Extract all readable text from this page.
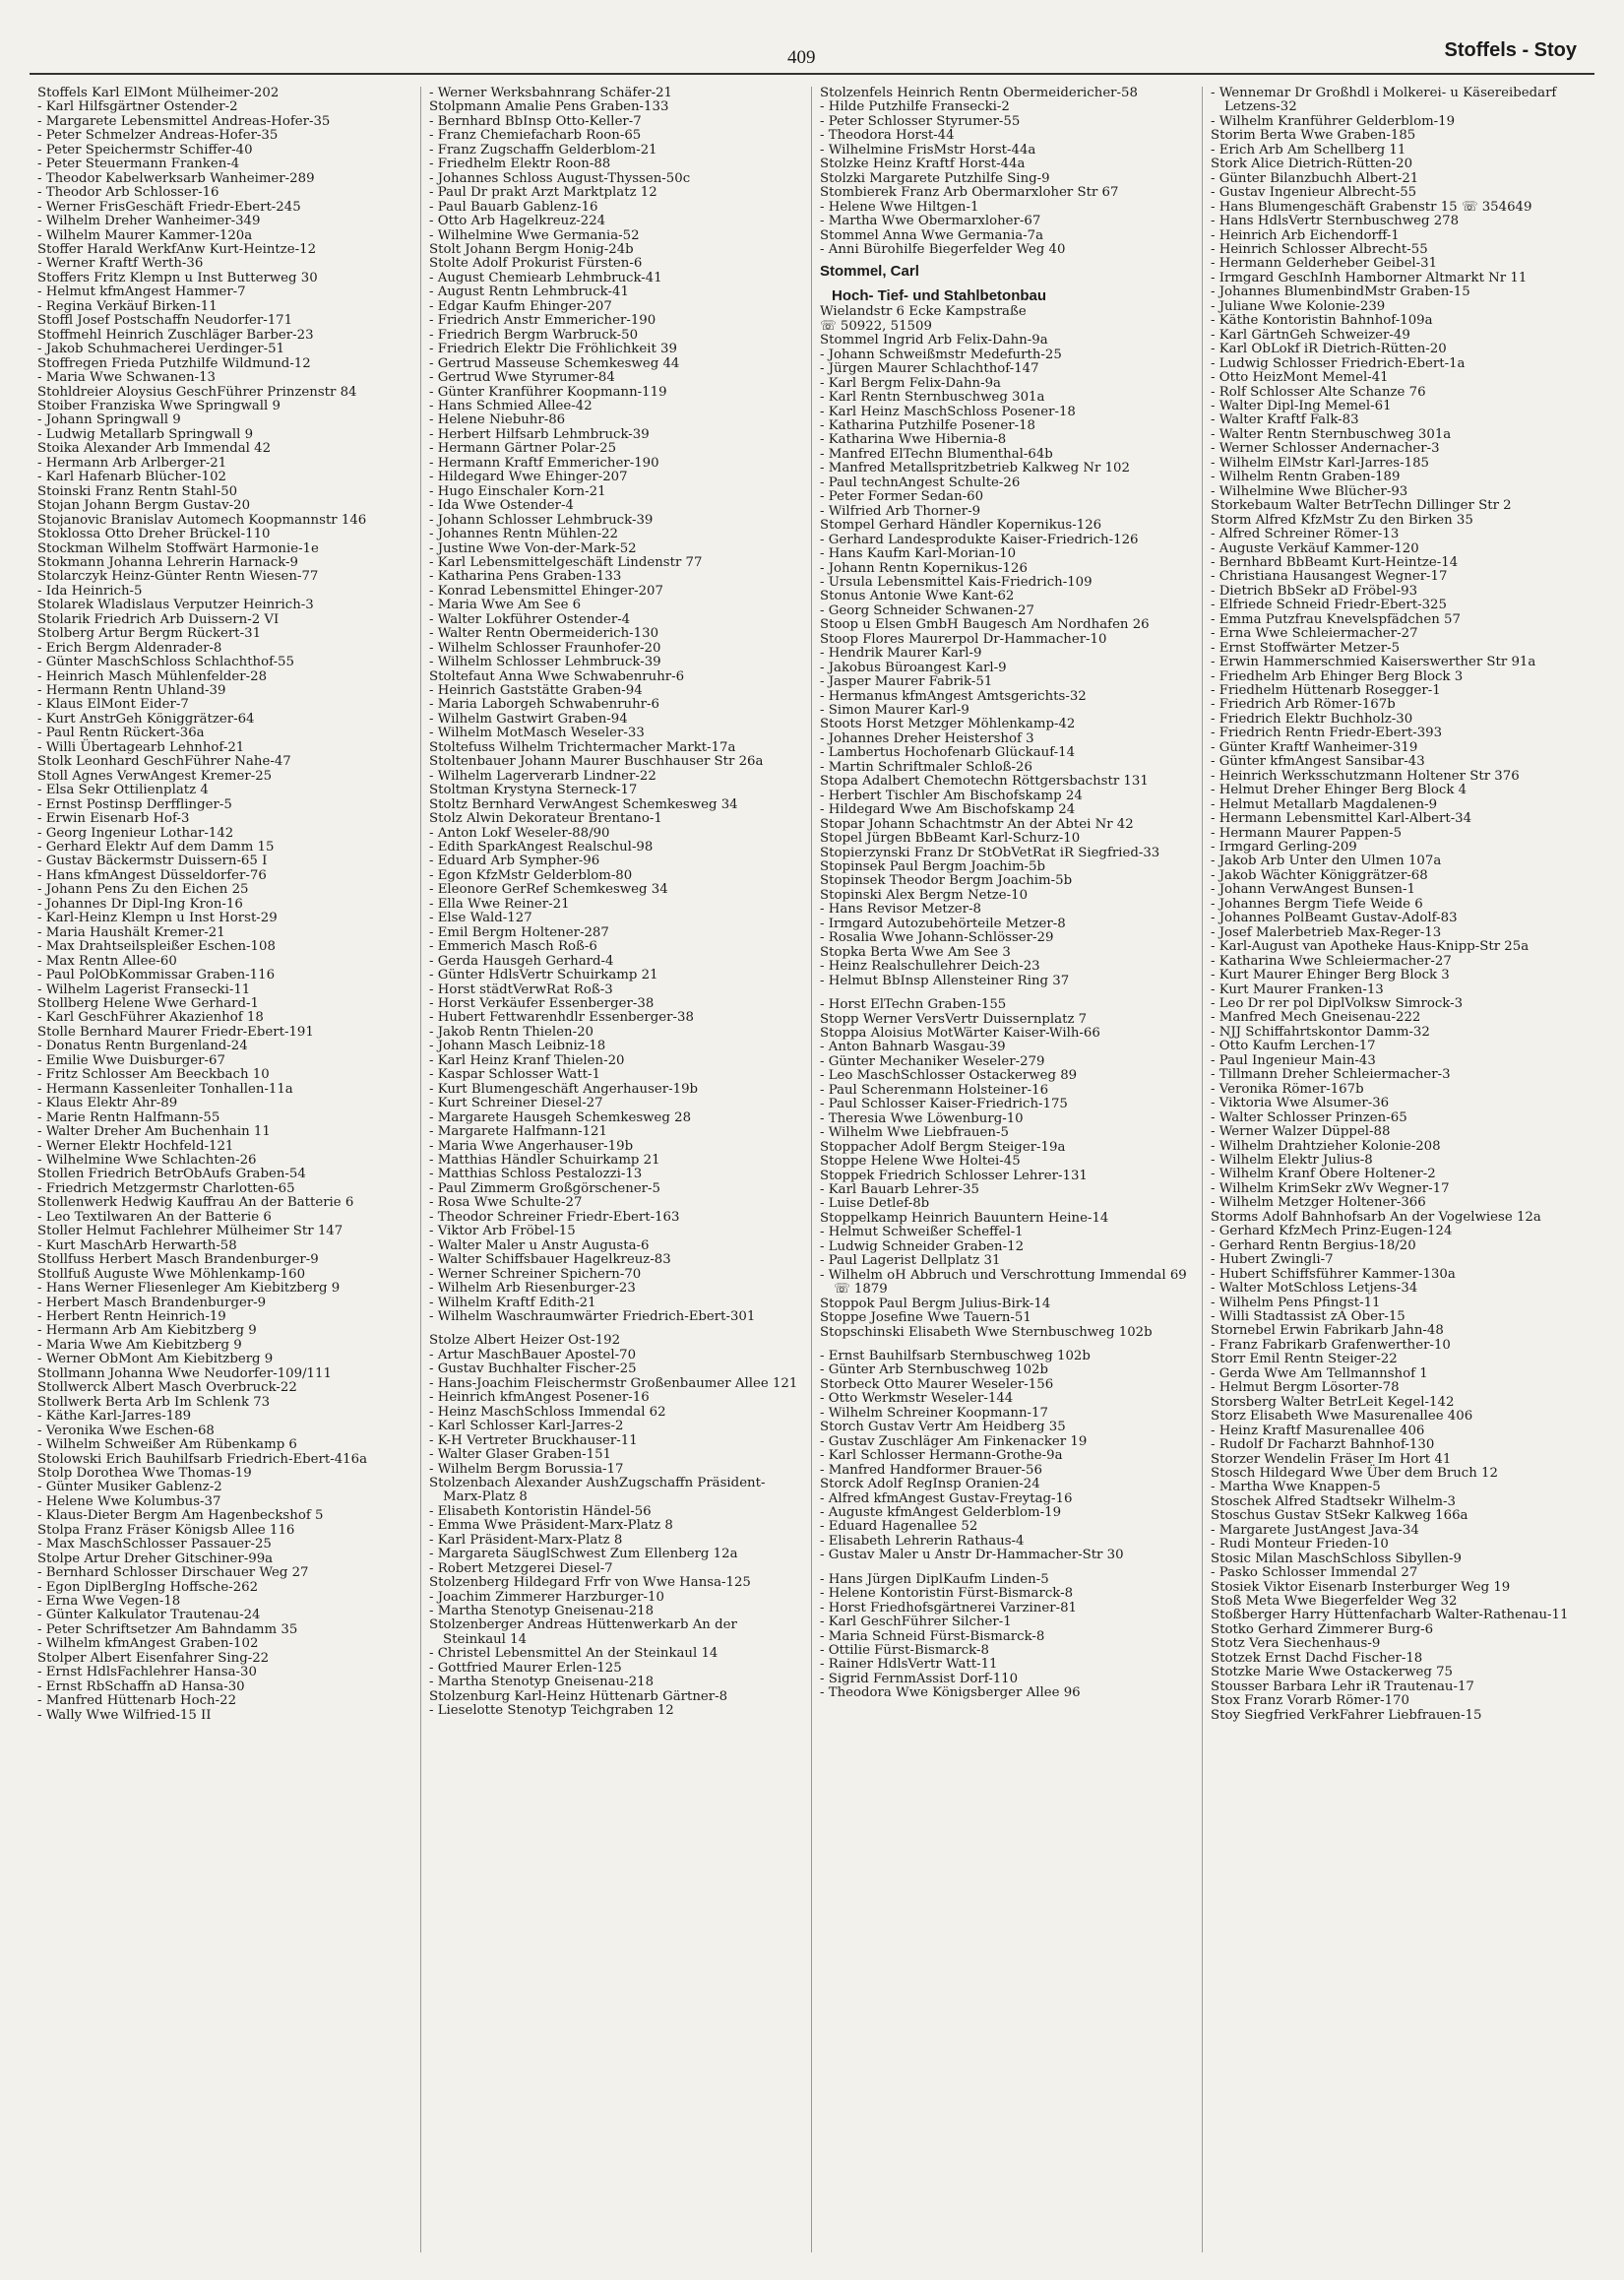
409	Stoffels - Stoy
Stoffels Karl ElMont Mülheimer-202
- Karl Hilfsgärtner Ostender-2
- Margarete Lebensmittel Andreas-Hofer-35
- Peter Schmelzer Andreas-Hofer-35
- Peter Speichermstr Schiffer-40
- Peter Steuermann Franken-4
- Theodor Kabelwerksarb Wanheimer-289
- Theodor Arb Schlosser-16
- Werner FrisGeschäft Friedr-Ebert-245
- Wilhelm Dreher Wanheimer-349
- Wilhelm Maurer Kammer-120a
Stoffer Harald WerkfAnw Kurt-Heintze-12
- Werner Kraftf Werth-36
Stoffers Fritz Klempn u Inst Butterweg 30
- Helmut kfmAngest Hammer-7
- Regina Verkäuf Birken-11
Stoffl Josef Postschaffn Neudorfer-171
Stoffmehl Heinrich Zuschläger Barber-23
- Jakob Schuhmacherei Uerdinger-51
Stoffregen Frieda Putzhilfe Wildmund-12
- Maria Wwe Schwanen-13
Stohldreier Aloysius GeschFührer Prinzenstr 84
Stoiber Franziska Wwe Springwall 9
- Johann Springwall 9
- Ludwig Metallarb Springwall 9
Stoika Alexander Arb Immendal 42
- Hermann Arb Arlberger-21
- Karl Hafenarb Blücher-102
Stoinski Franz Rentn Stahl-50
Stojan Johann Bergm Gustav-20
Stojanovic Branislav Automech Koopmannstr 146
Stoklossa Otto Dreher Brückel-110
Stockman Wilhelm Stoffwärt Harmonie-1e
Stokmann Johanna Lehrerin Harnack-9
Stolarczyk Heinz-Günter Rentn Wiesen-77
- Ida Heinrich-5
Stolarek Wladislaus Verputzer Heinrich-3
Stolarik Friedrich Arb Duissern-2 VI
Stolberg Artur Bergm Rückert-31
- Erich Bergm Aldenrader-8
- Günter MaschSchloss Schlachthof-55
- Heinrich Masch Mühlenfelder-28
- Hermann Rentn Uhland-39
- Klaus ElMont Eider-7
- Kurt AnstrGeh Königgrätzer-64
- Paul Rentn Rückert-36a
- Willi Übertagearb Lehnhof-21
Stolk Leonhard GeschFührer Nahe-47
Stoll Agnes VerwAngest Kremer-25
- Elsa Sekr Ottilienplatz 4
- Ernst Postinsp Derfflinger-5
- Erwin Eisenarb Hof-3
- Georg Ingenieur Lothar-142
- Gerhard Elektr Auf dem Damm 15
- Gustav Bäckermstr Duissern-65 I
- Hans kfmAngest Düsseldorfer-76
- Johann Pens Zu den Eichen 25
- Johannes Dr Dipl-Ing Kron-16
- Karl-Heinz Klempn u Inst Horst-29
- Maria Haushält Kremer-21
- Max Drahtseilspleißer Eschen-108
- Max Rentn Allee-60
- Paul PolObKommissar Graben-116
- Wilhelm Lagerist Fransecki-11
Stollberg Helene Wwe Gerhard-1
- Karl GeschFührer Akazienhof 18
Stolle Bernhard Maurer Friedr-Ebert-191
- Donatus Rentn Burgenland-24
- Emilie Wwe Duisburger-67
- Fritz Schlosser Am Beeckbach 10
- Hermann Kassenleiter Tonhallen-11a
- Klaus Elektr Ahr-89
- Marie Rentn Halfmann-55
- Walter Dreher Am Buchenhain 11
- Werner Elektr Hochfeld-121
- Wilhelmine Wwe Schlachten-26
Stollen Friedrich BetrObAufs Graben-54
- Friedrich Metzgermstr Charlotten-65
Stollenwerk Hedwig Kauffrau An der Batterie 6
- Leo Textilwaren An der Batterie 6
Stoller Helmut Fachlehrer Mülheimer Str 147
- Kurt MaschArb Herwarth-58
Stollfuss Herbert Masch Brandenburger-9
Stollfuß Auguste Wwe Möhlenkamp-160
- Hans Werner Fliesenleger Am Kiebitzberg 9
- Herbert Masch Brandenburger-9
- Herbert Rentn Heinrich-19
- Hermann Arb Am Kiebitzberg 9
- Maria Wwe Am Kiebitzberg 9
- Werner ObMont Am Kiebitzberg 9
Stollmann Johanna Wwe Neudorfer-109/111
Stollwerck Albert Masch Overbruck-22
Stollwerk Berta Arb Im Schlenk 73
- Käthe Karl-Jarres-189
- Veronika Wwe Eschen-68
- Wilhelm Schweißer Am Rübenkamp 6
Stolowski Erich Bauhilfsarb Friedrich-Ebert-416a
Stolp Dorothea Wwe Thomas-19
- Günter Musiker Gablenz-2
- Helene Wwe Kolumbus-37
- Klaus-Dieter Bergm Am Hagenbeckshof 5
Stolpa Franz Fräser Königsb Allee 116
- Max MaschSchlosser Passauer-25
Stolpe Artur Dreher Gitschiner-99a
- Bernhard Schlosser Dirschauer Weg 27
- Egon DiplBergIng Hoffsche-262
- Erna Wwe Vegen-18
- Günter Kalkulator Trautenau-24
- Peter Schriftsetzer Am Bahndamm 35
- Wilhelm kfmAngest Graben-102
Stolper Albert Eisenfahrer Sing-22
- Ernst HdlsFachlehrer Hansa-30
- Ernst RbSchaffn aD Hansa-30
- Manfred Hüttenarb Hoch-22
- Wally Wwe Wilfried-15 II
- Werner Werksbahnrang Schäfer-21
Stolpmann Amalie Pens Graben-133
- Bernhard BbInsp Otto-Keller-7
- Franz Chemiefacharb Roon-65
- Franz Zugschaffn Gelderblom-21
- Friedhelm Elektr Roon-88
- Johannes Schloss August-Thyssen-50c
- Paul Dr prakt Arzt Marktplatz 12
- Paul Bauarb Gablenz-16
- Otto Arb Hagelkreuz-224
- Wilhelmine Wwe Germania-52
Stolt Johann Bergm Honig-24b
Stolte Adolf Prokurist Fürsten-6
- August Chemiearb Lehmbruck-41
- August Rentn Lehmbruck-41
- Edgar Kaufm Ehinger-207
- Friedrich Anstr Emmericher-190
- Friedrich Bergm Warbruck-50
- Friedrich Elektr Die Fröhlichkeit 39
- Gertrud Masseuse Schemkesweg 44
- Gertrud Wwe Styrumer-84
- Günter Kranführer Koopmann-119
- Hans Schmied Allee-42
- Helene Niebuhr-86
- Herbert Hilfsarb Lehmbruck-39
- Hermann Gärtner Polar-25
- Hermann Kraftf Emmericher-190
- Hildegard Wwe Ehinger-207
- Hugo Einschaler Korn-21
- Ida Wwe Ostender-4
- Johann Schlosser Lehmbruck-39
- Johannes Rentn Mühlen-22
- Justine Wwe Von-der-Mark-52
- Karl Lebensmittelgeschäft Lindenstr 77
- Katharina Pens Graben-133
- Konrad Lebensmittel Ehinger-207
- Maria Wwe Am See 6
- Walter Lokführer Ostender-4
- Walter Rentn Obermeiderich-130
- Wilhelm Schlosser Fraunhofer-20
- Wilhelm Schlosser Lehmbruck-39
Stoltefaut Anna Wwe Schwabenruhr-6
- Heinrich Gaststätte Graben-94
- Maria Laborgeh Schwabenruhr-6
- Wilhelm Gastwirt Graben-94
- Wilhelm MotMasch Weseler-33
Stoltefuss Wilhelm Trichtermacher Markt-17a
Stoltenbauer Johann Maurer Buschhauser Str 26a
- Wilhelm Lagerverarb Lindner-22
Stoltman Krystyna Sterneck-17
Stoltz Bernhard VerwAngest Schemkesweg 34
Stolz Alwin Dekorateur Brentano-1
- Anton Lokf Weseler-88/90
- Edith SparkAngest Realschul-98
- Eduard Arb Sympher-96
- Egon KfzMstr Gelderblom-80
- Eleonore GerRef Schemkesweg 34
- Ella Wwe Reiner-21
- Else Wald-127
- Emil Bergm Holtener-287
- Emmerich Masch Roß-6
- Gerda Hausgeh Gerhard-4
- Günter HdlsVertr Schuirkamp 21
- Horst städtVerwRat Roß-3
- Horst Verkäufer Essenberger-38
- Hubert Fettwarenhdlr Essenberger-38
- Jakob Rentn Thielen-20
- Johann Masch Leibniz-18
- Karl Heinz Kranf Thielen-20
- Kaspar Schlosser Watt-1
- Kurt Blumengeschäft Angerhauser-19b
- Kurt Schreiner Diesel-27
- Margarete Hausgeh Schemkesweg 28
- Margarete Halfmann-121
- Maria Wwe Angerhauser-19b
- Matthias Händler Schuirkamp 21
- Matthias Schloss Pestalozzi-13
- Paul Zimmerm Großgörschener-5
- Rosa Wwe Schulte-27
- Theodor Schreiner Friedr-Ebert-163
- Viktor Arb Fröbel-15
- Walter Maler u Anstr Augusta-6
- Walter Schiffsbauer Hagelkreuz-83
- Werner Schreiner Spichern-70
- Wilhelm Arb Riesenburger-23
- Wilhelm Kraftf Edith-21
- Wilhelm Waschraumwärter Friedrich-Ebert-301
Stolze Albert Heizer Ost-192
- Artur MaschBauer Apostel-70
- Gustav Buchhalter Fischer-25
- Hans-Joachim Fleischermstr Großenbaumer Allee 121
- Heinrich kfmAngest Posener-16
- Heinz MaschSchloss Immendal 62
- Karl Schlosser Karl-Jarres-2
- K-H Vertreter Bruckhauser-11
- Walter Glaser Graben-151
- Wilhelm Bergm Borussia-17
Stolzenbach Alexander AushZugschaffn Präsident-Marx-Platz 8
- Elisabeth Kontoristin Händel-56
- Emma Wwe Präsident-Marx-Platz 8
- Karl Präsident-Marx-Platz 8
- Margareta SäuglSchwest Zum Ellenberg 12a
- Robert Metzgerei Diesel-7
Stolzenberg Hildegard Frfr von Wwe Hansa-125
- Joachim Zimmerer Harzburger-10
- Martha Stenotyp Gneisenau-218
Stolzenberger Andreas Hüttenwerkarb An der Steinkaul 14
- Christel Lebensmittel An der Steinkaul 14
- Gottfried Maurer Erlen-125
- Martha Stenotyp Gneisenau-218
Stolzenburg Karl-Heinz Hüttenarb Gärtner-8
- Lieselotte Stenotyp Teichgraben 12
Stolzenfels Heinrich Rentn Obermeidericher-58
- Hilde Putzhilfe Fransecki-2
- Peter Schlosser Styrumer-55
- Theodora Horst-44
- Wilhelmine FrisMstr Horst-44a
Stolzke Heinz Kraftf Horst-44a
Stolzki Margarete Putzhilfe Sing-9
Stombierek Franz Arb Obermarxloher Str 67
- Helene Wwe Hiltgen-1
- Martha Wwe Obermarxloher-67
Stommel Anna Wwe Germania-7a
- Anni Bürohilfe Biegerfelder Weg 40
Stommel, Carl
Hoch- Tief- und Stahlbetonbau
Wielandstr 6 Ecke Kampstraße
☏ 50922, 51509
Stommel Ingrid Arb Felix-Dahn-9a
- Johann Schweißmstr Medefurth-25
- Jürgen Maurer Schlachthof-147
- Karl Bergm Felix-Dahn-9a
- Karl Rentn Sternbuschweg 301a
- Karl Heinz MaschSchloss Posener-18
- Katharina Putzhilfe Posener-18
- Katharina Wwe Hibernia-8
- Manfred ElTechn Blumenthal-64b
- Manfred Metallspritzbetrieb Kalkweg Nr 102
- Paul technAngest Schulte-26
- Peter Former Sedan-60
- Wilfried Arb Thorner-9
Stompel Gerhard Händler Kopernikus-126
- Gerhard Landesprodukte Kaiser-Friedrich-126
- Hans Kaufm Karl-Morian-10
- Johann Rentn Kopernikus-126
- Ursula Lebensmittel Kais-Friedrich-109
Stonus Antonie Wwe Kant-62
- Georg Schneider Schwanen-27
Stoop u Elsen GmbH Baugesch Am Nordhafen 26
Stoop Flores Maurerpol Dr-Hammacher-10
- Hendrik Maurer Karl-9
- Jakobus Büroangest Karl-9
- Jasper Maurer Fabrik-51
- Hermanus kfmAngest Amtsgerichts-32
- Simon Maurer Karl-9
Stoots Horst Metzger Möhlenkamp-42
- Johannes Dreher Heistershof 3
- Lambertus Hochofenarb Glückauf-14
- Martin Schriftmaler Schloß-26
Stopa Adalbert Chemotechn Röttgersbachstr 131
- Herbert Tischler Am Bischofskamp 24
- Hildegard Wwe Am Bischofskamp 24
Stopar Johann Schachtmstr An der Abtei Nr 42
Stopel Jürgen BbBeamt Karl-Schurz-10
Stopierzynski Franz Dr StObVetRat iR Siegfried-33
Stopinsek Paul Bergm Joachim-5b
Stopinsek Theodor Bergm Joachim-5b
Stopinski Alex Bergm Netze-10
- Hans Revisor Metzer-8
- Irmgard Autozubehörteile Metzer-8
- Rosalia Wwe Johann-Schlösser-29
Stopka Berta Wwe Am See 3
- Heinz Realschullehrer Deich-23
- Helmut BbInsp Allensteiner Ring 37
- Horst ElTechn Graben-155
Stopp Werner VersVertr Duissernplatz 7
Stoppa Aloisius MotWärter Kaiser-Wilh-66
- Anton Bahnarb Wasgau-39
- Günter Mechaniker Weseler-279
- Leo MaschSchlosser Ostackerweg 89
- Paul Scherenmann Holsteiner-16
- Paul Schlosser Kaiser-Friedrich-175
- Theresia Wwe Löwenburg-10
- Wilhelm Wwe Liebfrauen-5
Stoppacher Adolf Bergm Steiger-19a
Stoppe Helene Wwe Holtei-45
Stoppek Friedrich Schlosser Lehrer-131
- Karl Bauarb Lehrer-35
- Luise Detlef-8b
Stoppelkamp Heinrich Bauuntern Heine-14
- Helmut Schweißer Scheffel-1
- Ludwig Schneider Graben-12
- Paul Lagerist Dellplatz 31
- Wilhelm oH Abbruch und Verschrottung Immendal 69 ☏ 1879
Stoppok Paul Bergm Julius-Birk-14
Stoppe Josefine Wwe Tauern-51
Stopschinski Elisabeth Wwe Sternbuschweg 102b
- Ernst Bauhilfsarb Sternbuschweg 102b
- Günter Arb Sternbuschweg 102b
Storbeck Otto Maurer Weseler-156
- Otto Werkmstr Weseler-144
- Wilhelm Schreiner Koopmann-17
Storch Gustav Vertr Am Heidberg 35
- Gustav Zuschläger Am Finkenacker 19
- Karl Schlosser Hermann-Grothe-9a
- Manfred Handformer Brauer-56
Storck Adolf RegInsp Oranien-24
- Alfred kfmAngest Gustav-Freytag-16
- Auguste kfmAngest Gelderblom-19
- Eduard Hagenallee 52
- Elisabeth Lehrerin Rathaus-4
- Gustav Maler u Anstr Dr-Hammacher-Str 30
- Hans Jürgen DiplKaufm Linden-5
- Helene Kontoristin Fürst-Bismarck-8
- Horst Friedhofsgärtnerei Varziner-81
- Karl GeschFührer Silcher-1
- Maria Schneid Fürst-Bismarck-8
- Ottilie Fürst-Bismarck-8
- Rainer HdlsVertr Watt-11
- Sigrid FernmAssist Dorf-110
- Theodora Wwe Königsberger Allee 96
- Wennemar Dr Großhdl i Molkerei- u Käsereibedarf Letzens-32
- Wilhelm Kranführer Gelderblom-19
Storim Berta Wwe Graben-185
- Erich Arb Am Schellberg 11
Stork Alice Dietrich-Rütten-20
- Günter Bilanzbuchh Albert-21
- Gustav Ingenieur Albrecht-55
- Hans Blumengeschäft Grabenstr 15 ☏ 354649
- Hans HdlsVertr Sternbuschweg 278
- Heinrich Arb Eichendorff-1
- Heinrich Schlosser Albrecht-55
- Hermann Gelderheber Geibel-31
- Irmgard GeschInh Hamborner Altmarkt Nr 11
- Johannes BlumenbindMstr Graben-15
- Juliane Wwe Kolonie-239
- Käthe Kontoristin Bahnhof-109a
- Karl GärtnGeh Schweizer-49
- Karl ObLokf iR Dietrich-Rütten-20
- Ludwig Schlosser Friedrich-Ebert-1a
- Otto HeizMont Memel-41
- Rolf Schlosser Alte Schanze 76
- Walter Dipl-Ing Memel-61
- Walter Kraftf Falk-83
- Walter Rentn Sternbuschweg 301a
- Werner Schlosser Andernacher-3
- Wilhelm ElMstr Karl-Jarres-185
- Wilhelm Rentn Graben-189
- Wilhelmine Wwe Blücher-93
Storkebaum Walter BetrTechn Dillinger Str 2
Storm Alfred KfzMstr Zu den Birken 35
- Alfred Schreiner Römer-13
- Auguste Verkäuf Kammer-120
- Bernhard BbBeamt Kurt-Heintze-14
- Christiana Hausangest Wegner-17
- Dietrich BbSekr aD Fröbel-93
- Elfriede Schneid Friedr-Ebert-325
- Emma Putzfrau Knevelspfädchen 57
- Erna Wwe Schleiermacher-27
- Ernst Stoffwärter Metzer-5
- Erwin Hammerschmied Kaiserswerther Str 91a
- Friedhelm Arb Ehinger Berg Block 3
- Friedhelm Hüttenarb Rosegger-1
- Friedrich Arb Römer-167b
- Friedrich Elektr Buchholz-30
- Friedrich Rentn Friedr-Ebert-393
- Günter Kraftf Wanheimer-319
- Günter kfmAngest Sansibar-43
- Heinrich Werksschutzmann Holtener Str 376
- Helmut Dreher Ehinger Berg Block 4
- Helmut Metallarb Magdalenen-9
- Hermann Lebensmittel Karl-Albert-34
- Hermann Maurer Pappen-5
- Irmgard Gerling-209
- Jakob Arb Unter den Ulmen 107a
- Jakob Wächter Königgrätzer-68
- Johann VerwAngest Bunsen-1
- Johannes Bergm Tiefe Weide 6
- Johannes PolBeamt Gustav-Adolf-83
- Josef Malerbetrieb Max-Reger-13
- Karl-August van Apotheke Haus-Knipp-Str 25a
- Katharina Wwe Schleiermacher-27
- Kurt Maurer Ehinger Berg Block 3
- Kurt Maurer Franken-13
- Leo Dr rer pol DiplVolksw Simrock-3
- Manfred Mech Gneisenau-222
- NJJ Schiffahrtskontor Damm-32
- Otto Kaufm Lerchen-17
- Paul Ingenieur Main-43
- Tillmann Dreher Schleiermacher-3
- Veronika Römer-167b
- Viktoria Wwe Alsumer-36
- Walter Schlosser Prinzen-65
- Werner Walzer Düppel-88
- Wilhelm Drahtzieher Kolonie-208
- Wilhelm Elektr Julius-8
- Wilhelm Kranf Obere Holtener-2
- Wilhelm KrimSekr zWv Wegner-17
- Wilhelm Metzger Holtener-366
Storms Adolf Bahnhofsarb An der Vogelwiese 12a
- Gerhard KfzMech Prinz-Eugen-124
- Gerhard Rentn Bergius-18/20
- Hubert Zwingli-7
- Hubert Schiffsführer Kammer-130a
- Walter MotSchloss Letjens-34
- Wilhelm Pens Pfingst-11
- Willi Stadtassist zA Ober-15
Stornebel Erwin Fabrikarb Jahn-48
- Franz Fabrikarb Grafenwerther-10
Storr Emil Rentn Steiger-22
- Gerda Wwe Am Tellmannshof 1
- Helmut Bergm Lösorter-78
Storsberg Walter BetrLeit Kegel-142
Storz Elisabeth Wwe Masurenallee 406
- Heinz Kraftf Masurenallee 406
- Rudolf Dr Facharzt Bahnhof-130
Storzer Wendelin Fräser Im Hort 41
Stosch Hildegard Wwe Über dem Bruch 12
- Martha Wwe Knappen-5
Stoschek Alfred Stadtsekr Wilhelm-3
Stoschus Gustav StSekr Kalkweg 166a
- Margarete JustAngest Java-34
- Rudi Monteur Frieden-10
Stosic Milan MaschSchloss Sibyllen-9
- Pasko Schlosser Immendal 27
Stosiek Viktor Eisenarb Insterburger Weg 19
Stoß Meta Wwe Biegerfelder Weg 32
Stoßberger Harry Hüttenfacharb Walter-Rathenau-11
Stotko Gerhard Zimmerer Burg-6
Stotz Vera Siechenhaus-9
Stotzek Ernst Dachd Fischer-18
Stotzke Marie Wwe Ostackerweg 75
Stousser Barbara Lehr iR Trautenau-17
Stox Franz Vorarb Römer-170
Stoy Siegfried VerkFahrer Liebfrauen-15
